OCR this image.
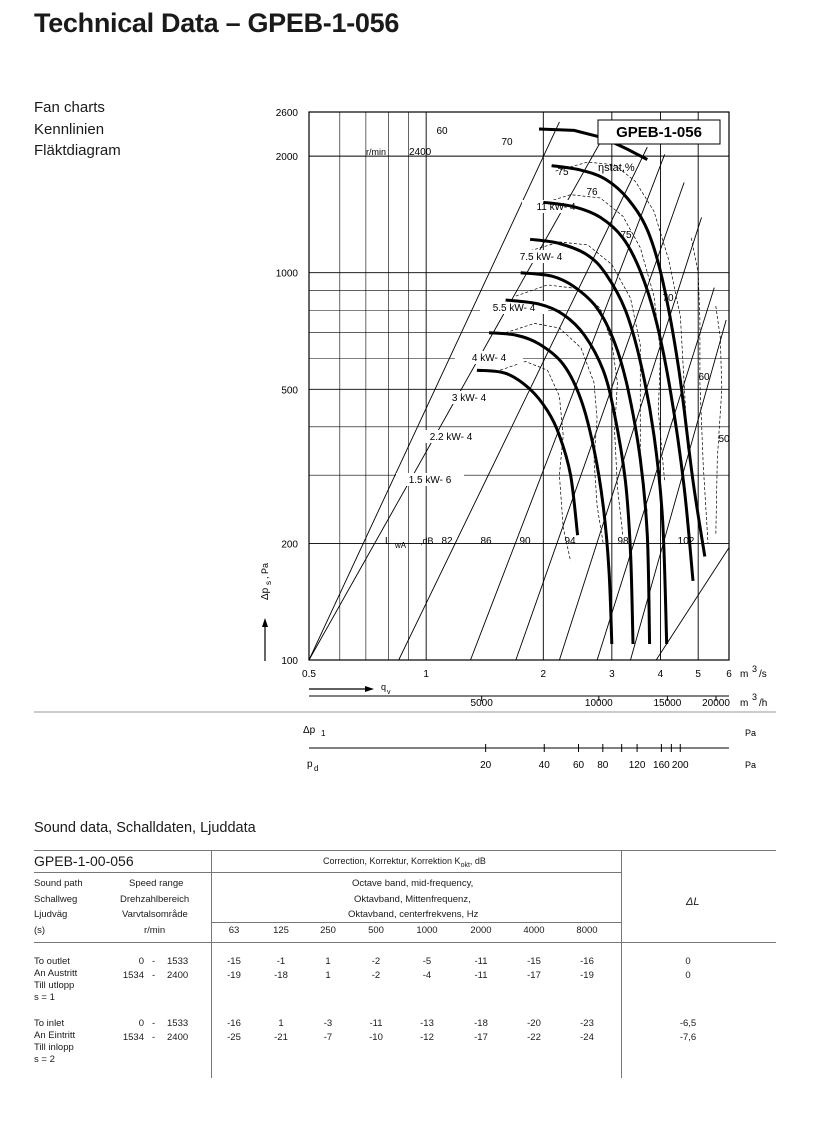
Technical Data – GPEB-1-056
Fan charts
Kennlinien
Fläktdiagram
60
70
75
76
75
70
60
50
82	86	90	94	98	102
11 kW- 4
7.5 kW- 4
5.5 kW- 4
4 kW- 4
3 kW- 4
2.2 kW- 4
1.5 kW- 6
0.5	1	2	3	4	5	6
100
200
500
1000
2000
2600
r/min 2400
ηstat,%
L wA ,dB
Δp
s
, Pa
q
v
m 3 /s
5000	10000	15000 20000 m
3
/h
Δp 1	Pa
p d	Pa
20	40 60 80 120 160 200
GPEB-1-056
Sound data, Schalldaten, Ljuddata
GPEB-1-00-056	Correction, Korrektur, Korrektion $K_{okt}$, dB
Sound path
Schallweg
Ljudväg
(s)
Speed range
Drehzahlbereich
Varvtalsområde
r/min
Octave band, mid-frequency,
Oktavband, Mittenfrequenz,
Oktavband, centerfrekvens, Hz
ΔL
63	125	250	500	1000	2000	4000	8000
To outlet
An Austritt
Till utlopp
s = 1
0 - 1533	-15	-1	1	-2	-5	-11	-15	-16	0
1534 - 2400	-19	-18	1	-2	-4	-11	-17	-19	0
To inlet
An Eintritt
Till inlopp
s = 2
0 - 1533	-16	1	-3	-11	-13	-18	-20	-23	-6,5
1534 - 2400	-25	-21	-7	-10	-12	-17	-22	-24	-7,6
